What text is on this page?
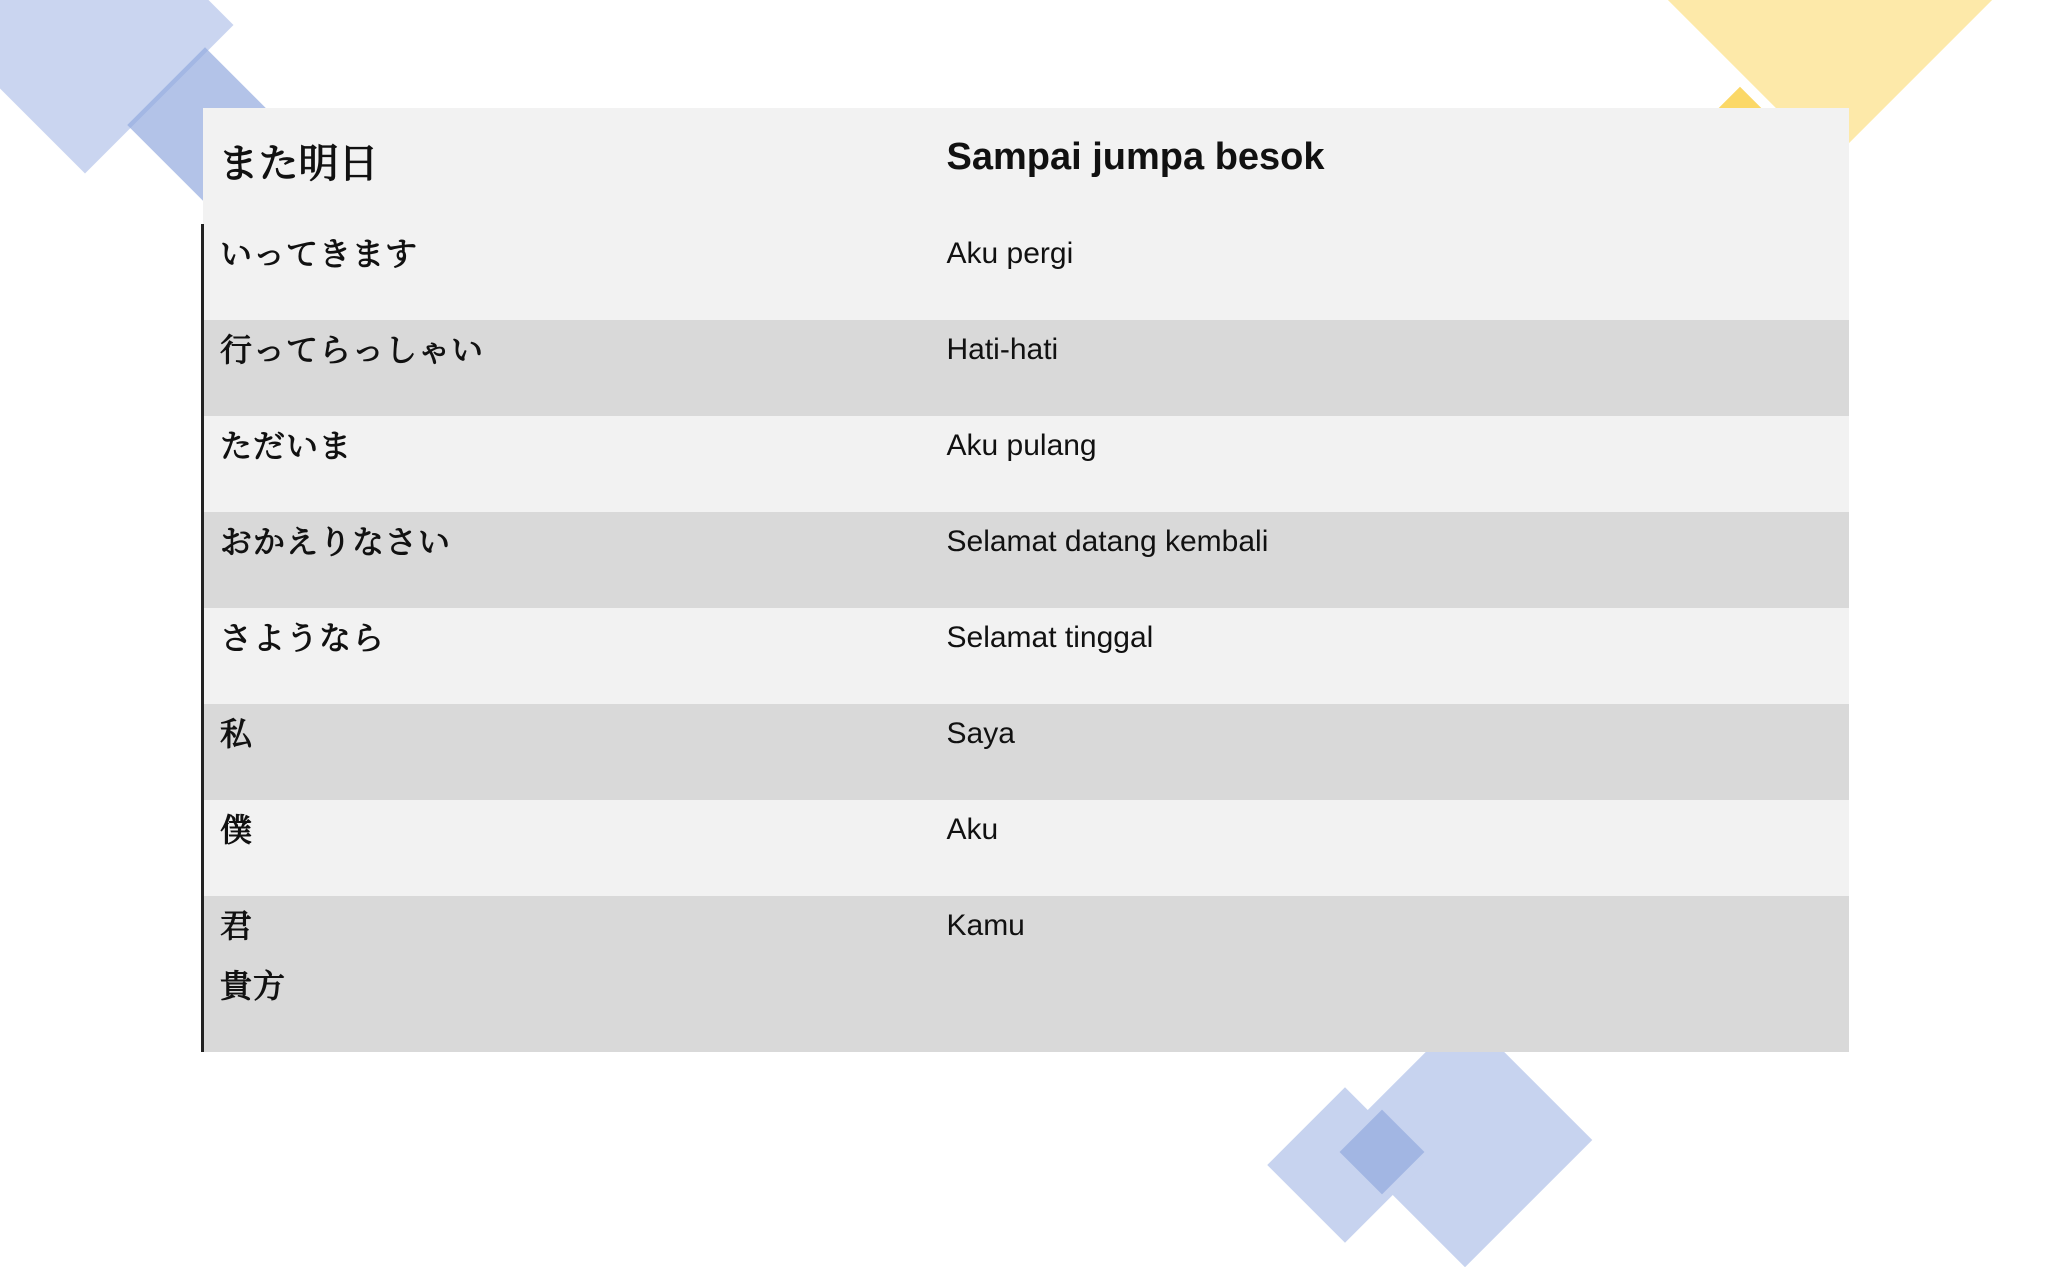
また明日	Sampai jumpa besok

いってきます	Aku pergi

行ってらっしゃい	Hati-hati

ただいま	Aku pulang

おかえりなさい	Selamat datang kembali

さようなら	Selamat tinggal

私	Saya

僕	Aku

君
貴方	Kamu
